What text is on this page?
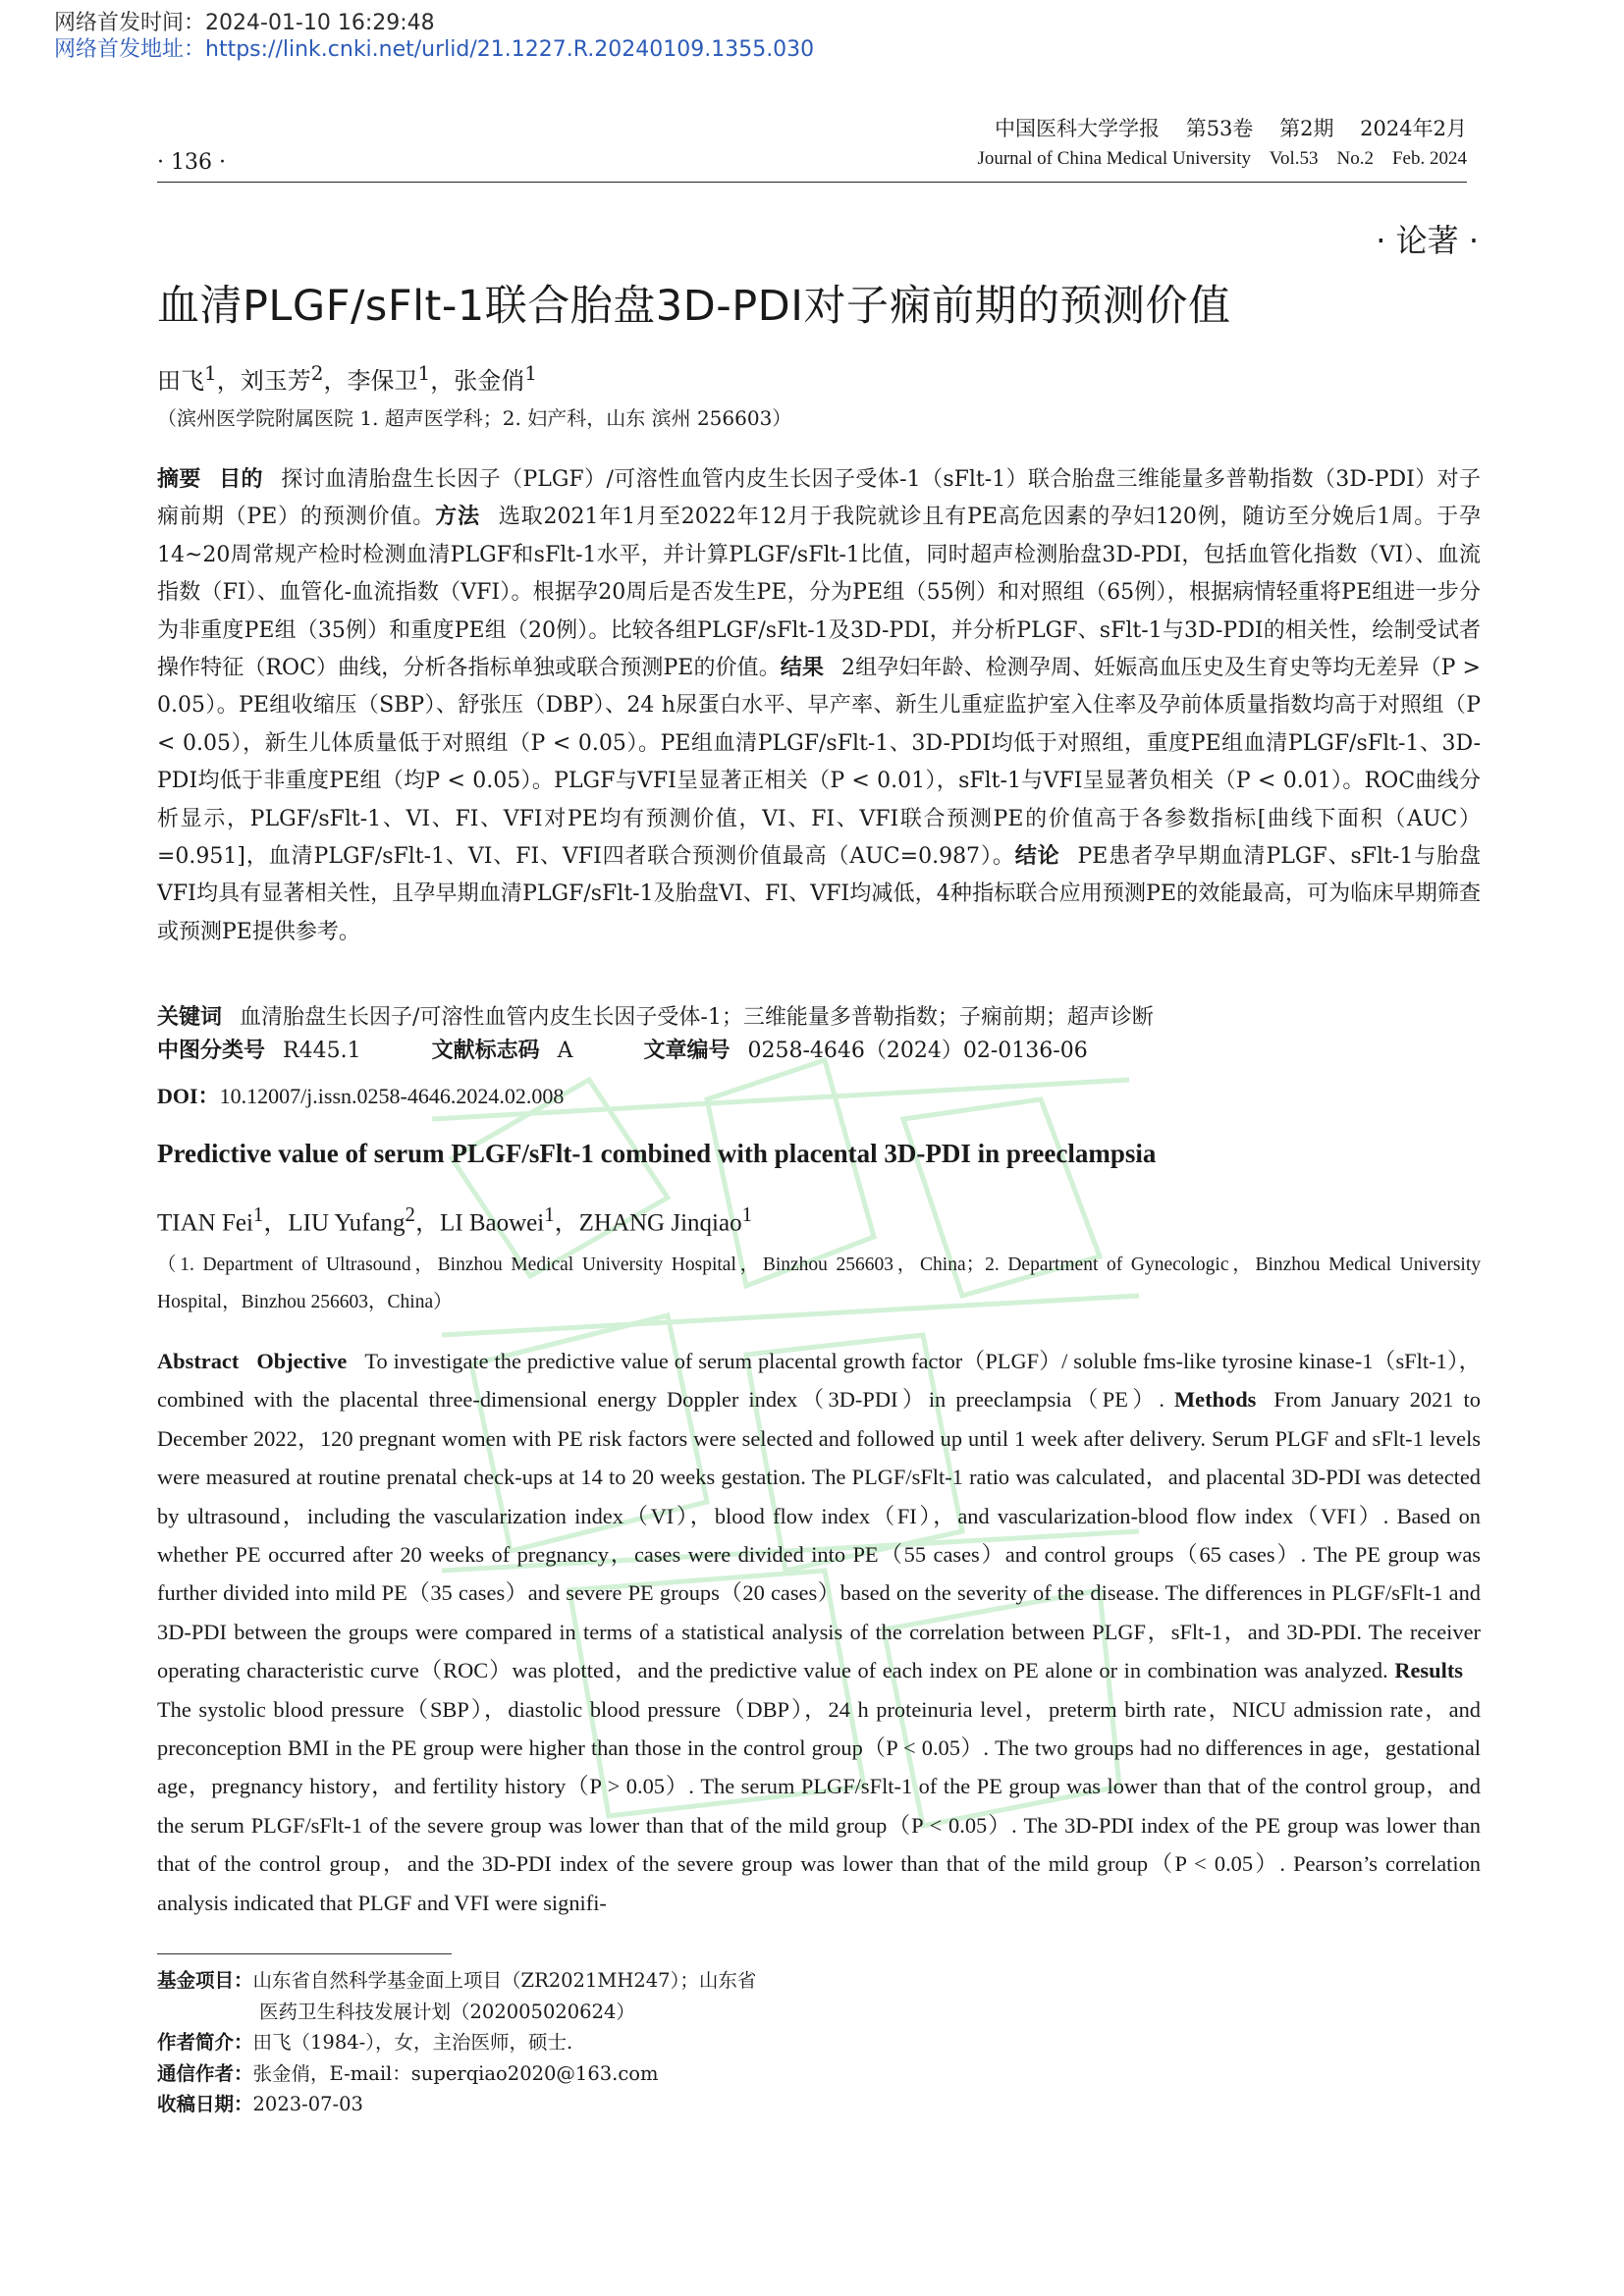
网络首发时间：2024-01-10 16:29:48
网络首发地址：https://link.cnki.net/urlid/21.1227.R.20240109.1355.030
· 136 ·
中国医科大学学报    第53卷    第2期    2024年2月
Journal of China Medical University    Vol.53    No.2    Feb. 2024
· 论著 ·
血清PLGF/sFlt-1联合胎盘3D-PDI对子痫前期的预测价值
田飞$^1$，刘玉芳$^2$，李保卫$^1$，张金俏$^1$
（滨州医学院附属医院 1. 超声医学科；2. 妇产科，山东 滨州 256603）
摘要 目的 探讨血清胎盘生长因子（PLGF）/可溶性血管内皮生长因子受体-1（sFlt-1）联合胎盘三维能量多普勒指数（3D-PDI）对子痫前期（PE）的预测价值。方法 选取2021年1月至2022年12月于我院就诊且有PE高危因素的孕妇120例，随访至分娩后1周。于孕14~20周常规产检时检测血清PLGF和sFlt-1水平，并计算PLGF/sFlt-1比值，同时超声检测胎盘3D-PDI，包括血管化指数（VI）、血流指数（FI）、血管化-血流指数（VFI）。根据孕20周后是否发生PE，分为PE组（55例）和对照组（65例），根据病情轻重将PE组进一步分为非重度PE组（35例）和重度PE组（20例）。比较各组PLGF/sFlt-1及3D-PDI，并分析PLGF、sFlt-1与3D-PDI的相关性，绘制受试者操作特征（ROC）曲线，分析各指标单独或联合预测PE的价值。结果 2组孕妇年龄、检测孕周、妊娠高血压史及生育史等均无差异（P > 0.05）。PE组收缩压（SBP）、舒张压（DBP）、24 h尿蛋白水平、早产率、新生儿重症监护室入住率及孕前体质量指数均高于对照组（P < 0.05），新生儿体质量低于对照组（P < 0.05）。PE组血清PLGF/sFlt-1、3D-PDI均低于对照组，重度PE组血清PLGF/sFlt-1、3D-PDI均低于非重度PE组（均P < 0.05）。PLGF与VFI呈显著正相关（P < 0.01），sFlt-1与VFI呈显著负相关（P < 0.01）。ROC曲线分析显示，PLGF/sFlt-1、VI、FI、VFI对PE均有预测价值，VI、FI、VFI联合预测PE的价值高于各参数指标[曲线下面积（AUC）=0.951]，血清PLGF/sFlt-1、VI、FI、VFI四者联合预测价值最高（AUC=0.987）。结论 PE患者孕早期血清PLGF、sFlt-1与胎盘VFI均具有显著相关性，且孕早期血清PLGF/sFlt-1及胎盘VI、FI、VFI均减低，4种指标联合应用预测PE的效能最高，可为临床早期筛查或预测PE提供参考。
关键词 血清胎盘生长因子/可溶性血管内皮生长因子受体-1；三维能量多普勒指数；子痫前期；超声诊断
中图分类号 R445.1	文献标志码 A	文章编号 0258-4646（2024）02-0136-06
DOI：10.12007/j.issn.0258-4646.2024.02.008
Predictive value of serum PLGF/sFlt-1 combined with placental 3D-PDI in preeclampsia
TIAN Fei$^1$，LIU Yufang$^2$，LI Baowei$^1$，ZHANG Jinqiao$^1$
（1. Department of Ultrasound，Binzhou Medical University Hospital，Binzhou 256603，China；2. Department of Gynecologic，Binzhou Medical University Hospital，Binzhou 256603，China）
Abstract Objective To investigate the predictive value of serum placental growth factor（PLGF）/ soluble fms-like tyrosine kinase-1（sFlt-1），combined with the placental three-dimensional energy Doppler index（3D-PDI）in preeclampsia（PE）. Methods From January 2021 to December 2022，120 pregnant women with PE risk factors were selected and followed up until 1 week after delivery. Serum PLGF and sFlt-1 levels were measured at routine prenatal check-ups at 14 to 20 weeks gestation. The PLGF/sFlt-1 ratio was calculated，and placental 3D-PDI was detected by ultrasound，including the vascularization index（VI），blood flow index（FI），and vascularization-blood flow index（VFI）. Based on whether PE occurred after 20 weeks of pregnancy，cases were divided into PE（55 cases）and control groups（65 cases）. The PE group was further divided into mild PE（35 cases）and severe PE groups（20 cases）based on the severity of the disease. The differences in PLGF/sFlt-1 and 3D-PDI between the groups were compared in terms of a statistical analysis of the correlation between PLGF，sFlt-1，and 3D-PDI. The receiver operating characteristic curve（ROC）was plotted，and the predictive value of each index on PE alone or in combination was analyzed. ResultsThe systolic blood pressure（SBP），diastolic blood pressure（DBP），24 h proteinuria level，preterm birth rate，NICU admission rate，and preconception BMI in the PE group were higher than those in the control group（P < 0.05）. The two groups had no differences in age，gestational age，pregnancy history，and fertility history（P > 0.05）. The serum PLGF/sFlt-1 of the PE group was lower than that of the control group，and the serum PLGF/sFlt-1 of the severe group was lower than that of the mild group（P < 0.05）. The 3D-PDI index of the PE group was lower than that of the control group，and the 3D-PDI index of the severe group was lower than that of the mild group（P < 0.05）. Pearson’s correlation analysis indicated that PLGF and VFI were signifi-
基金项目：山东省自然科学基金面上项目（ZR2021MH247）；山东省
医药卫生科技发展计划（202005020624）
作者简介：田飞（1984-），女，主治医师，硕士.
通信作者：张金俏，E-mail：superqiao2020@163.com
收稿日期：2023-07-03
